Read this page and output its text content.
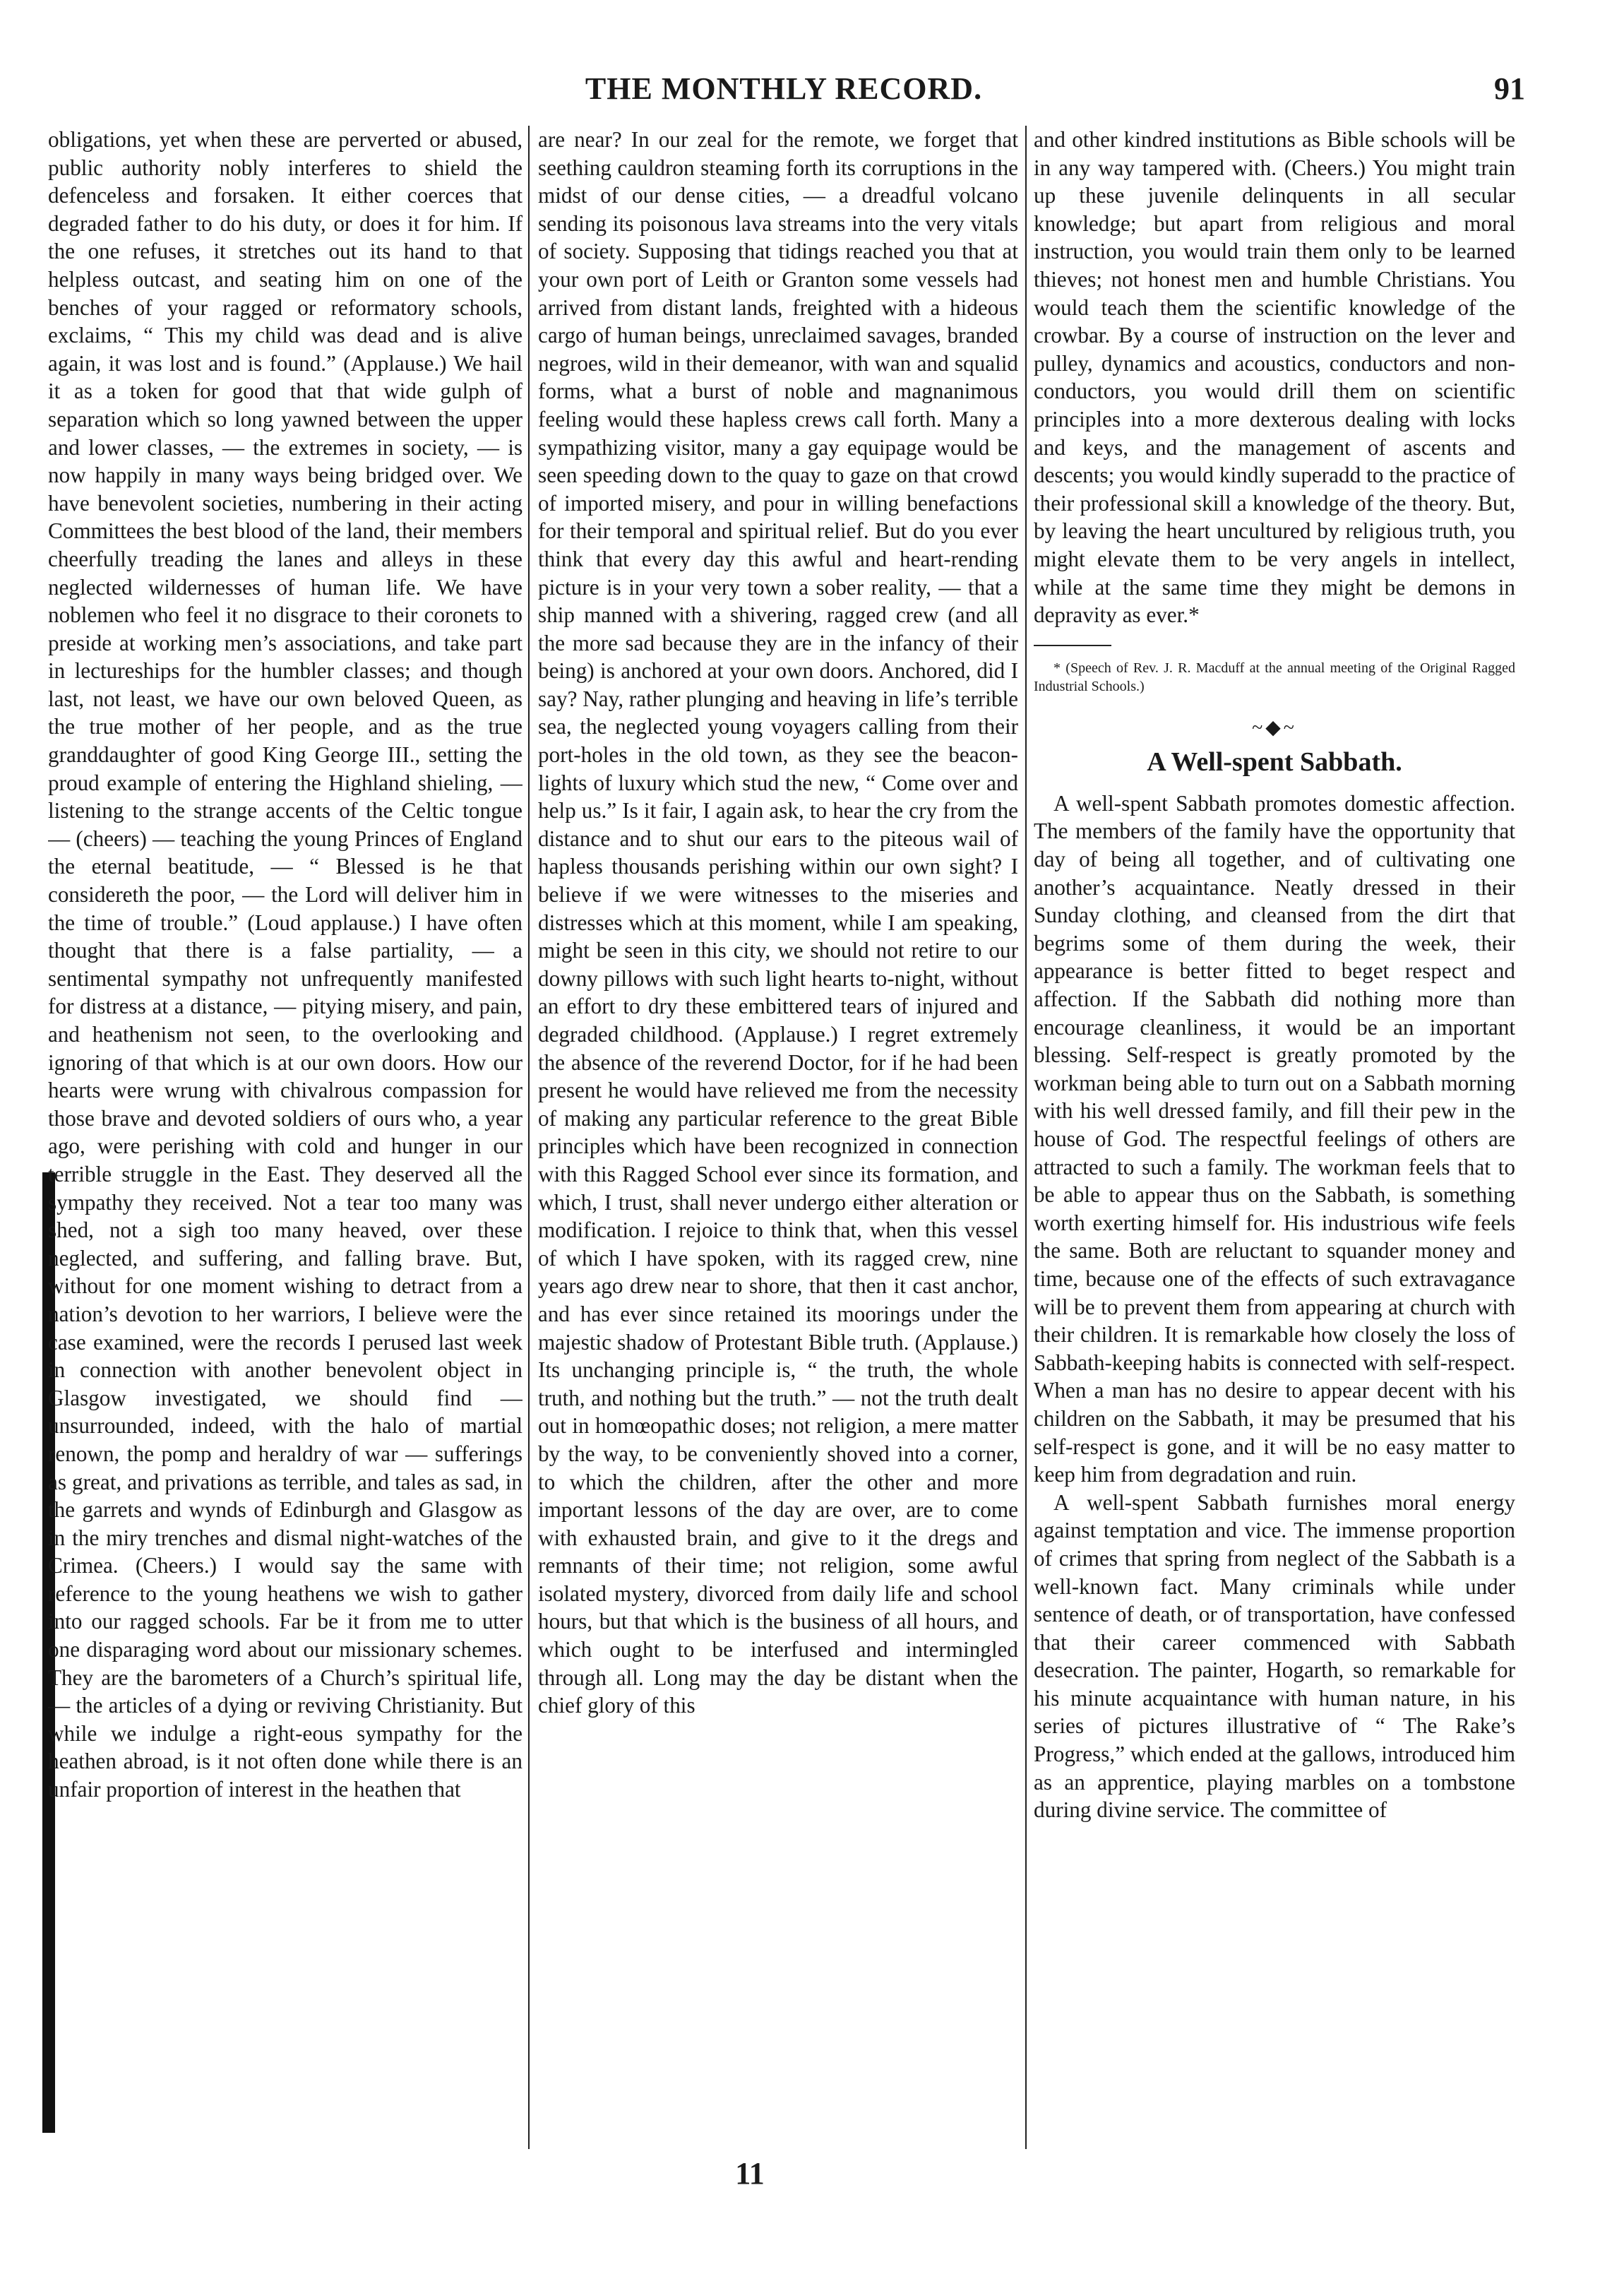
THE MONTHLY RECORD.	91

obligations, yet when these are perverted or abused, public authority nobly interferes to shield the defenceless and forsaken. It either coerces that degraded father to do his duty, or does it for him. If the one refuses, it stretches out its hand to that helpless outcast, and seating him on one of the benches of your ragged or reformatory schools, exclaims, “ This my child was dead and is alive again, it was lost and is found.” (Applause.) We hail it as a token for good that that wide gulph of separation which so long yawned between the upper and lower classes, — the extremes in society, — is now happily in many ways being bridged over. We have benevolent societies, numbering in their acting Committees the best blood of the land, their members cheerfully treading the lanes and alleys in these neglected wildernesses of human life. We have noblemen who feel it no disgrace to their coronets to preside at working men’s associations, and take part in lectureships for the humbler classes; and though last, not least, we have our own beloved Queen, as the true mother of her people, and as the true granddaughter of good King George III., setting the proud example of entering the Highland shieling, — listening to the strange accents of the Celtic tongue — (cheers) — teaching the young Princes of England the eternal beatitude, — “ Blessed is he that considereth the poor, — the Lord will deliver him in the time of trouble.” (Loud applause.) I have often thought that there is a false partiality, — a sentimental sympathy not unfrequently manifested for distress at a distance, — pitying misery, and pain, and heathenism not seen, to the overlooking and ignoring of that which is at our own doors. How our hearts were wrung with chivalrous compassion for those brave and devoted soldiers of ours who, a year ago, were perishing with cold and hunger in our terrible struggle in the East. They deserved all the sympathy they received. Not a tear too many was shed, not a sigh too many heaved, over these neglected, and suffering, and falling brave. But, without for one moment wishing to detract from a nation’s devotion to her warriors, I believe were the case examined, were the records I perused last week in connection with another benevolent object in Glasgow investigated, we should find — unsurrounded, indeed, with the halo of martial renown, the pomp and heraldry of war — sufferings as great, and privations as terrible, and tales as sad, in the garrets and wynds of Edinburgh and Glasgow as in the miry trenches and dismal night-watches of the Crimea. (Cheers.) I would say the same with reference to the young heathens we wish to gather into our ragged schools. Far be it from me to utter one disparaging word about our missionary schemes. They are the barometers of a Church’s spiritual life, — the articles of a dying or reviving Christianity. But while we indulge a right-eous sympathy for the heathen abroad, is it not often done while there is an unfair proportion of interest in the heathen that

are near? In our zeal for the remote, we forget that seething cauldron steaming forth its corruptions in the midst of our dense cities, — a dreadful volcano sending its poisonous lava streams into the very vitals of society. Supposing that tidings reached you that at your own port of Leith or Granton some vessels had arrived from distant lands, freighted with a hideous cargo of human beings, unreclaimed savages, branded negroes, wild in their demeanor, with wan and squalid forms, what a burst of noble and magnanimous feeling would these hapless crews call forth. Many a sympathizing visitor, many a gay equipage would be seen speeding down to the quay to gaze on that crowd of imported misery, and pour in willing benefactions for their temporal and spiritual relief. But do you ever think that every day this awful and heart-rending picture is in your very town a sober reality, — that a ship manned with a shivering, ragged crew (and all the more sad because they are in the infancy of their being) is anchored at your own doors. Anchored, did I say? Nay, rather plunging and heaving in life’s terrible sea, the neglected young voyagers calling from their port-holes in the old town, as they see the beacon-lights of luxury which stud the new, “ Come over and help us.” Is it fair, I again ask, to hear the cry from the distance and to shut our ears to the piteous wail of hapless thousands perishing within our own sight? I believe if we were witnesses to the miseries and distresses which at this moment, while I am speaking, might be seen in this city, we should not retire to our downy pillows with such light hearts to-night, without an effort to dry these embittered tears of injured and degraded childhood. (Applause.) I regret extremely the absence of the reverend Doctor, for if he had been present he would have relieved me from the necessity of making any particular reference to the great Bible principles which have been recognized in connection with this Ragged School ever since its formation, and which, I trust, shall never undergo either alteration or modification. I rejoice to think that, when this vessel of which I have spoken, with its ragged crew, nine years ago drew near to shore, that then it cast anchor, and has ever since retained its moorings under the majestic shadow of Protestant Bible truth. (Applause.) Its unchanging principle is, “ the truth, the whole truth, and nothing but the truth.” — not the truth dealt out in homœopathic doses; not religion, a mere matter by the way, to be conveniently shoved into a corner, to which the children, after the other and more important lessons of the day are over, are to come with exhausted brain, and give to it the dregs and remnants of their time; not religion, some awful isolated mystery, divorced from daily life and school hours, but that which is the business of all hours, and which ought to be interfused and intermingled through all. Long may the day be distant when the chief glory of this

and other kindred institutions as Bible schools will be in any way tampered with. (Cheers.) You might train up these juvenile delinquents in all secular knowledge; but apart from religious and moral instruction, you would train them only to be learned thieves; not honest men and humble Christians. You would teach them the scientific knowledge of the crowbar. By a course of instruction on the lever and pulley, dynamics and acoustics, conductors and non-conductors, you would drill them on scientific principles into a more dexterous dealing with locks and keys, and the management of ascents and descents; you would kindly superadd to the practice of their professional skill a knowledge of the theory. But, by leaving the heart uncultured by religious truth, you might elevate them to be very angels in intellect, while at the same time they might be demons in depravity as ever.*

* (Speech of Rev. J. R. Macduff at the annual meeting of the Original Ragged Industrial Schools.)

~◆~
A Well-spent Sabbath.

A well-spent Sabbath promotes domestic affection. The members of the family have the opportunity that day of being all together, and of cultivating one another’s acquaintance. Neatly dressed in their Sunday clothing, and cleansed from the dirt that begrims some of them during the week, their appearance is better fitted to beget respect and affection. If the Sabbath did nothing more than encourage cleanliness, it would be an important blessing. Self-respect is greatly promoted by the workman being able to turn out on a Sabbath morning with his well dressed family, and fill their pew in the house of God. The respectful feelings of others are attracted to such a family. The workman feels that to be able to appear thus on the Sabbath, is something worth exerting himself for. His industrious wife feels the same. Both are reluctant to squander money and time, because one of the effects of such extravagance will be to prevent them from appearing at church with their children. It is remarkable how closely the loss of Sabbath-keeping habits is connected with self-respect. When a man has no desire to appear decent with his children on the Sabbath, it may be presumed that his self-respect is gone, and it will be no easy matter to keep him from degradation and ruin.

A well-spent Sabbath furnishes moral energy against temptation and vice. The immense proportion of crimes that spring from neglect of the Sabbath is a well-known fact. Many criminals while under sentence of death, or of transportation, have confessed that their career commenced with Sabbath desecration. The painter, Hogarth, so remarkable for his minute acquaintance with human nature, in his series of pictures illustrative of “ The Rake’s Progress,” which ended at the gallows, introduced him as an apprentice, playing marbles on a tombstone during divine service. The committee of

11
